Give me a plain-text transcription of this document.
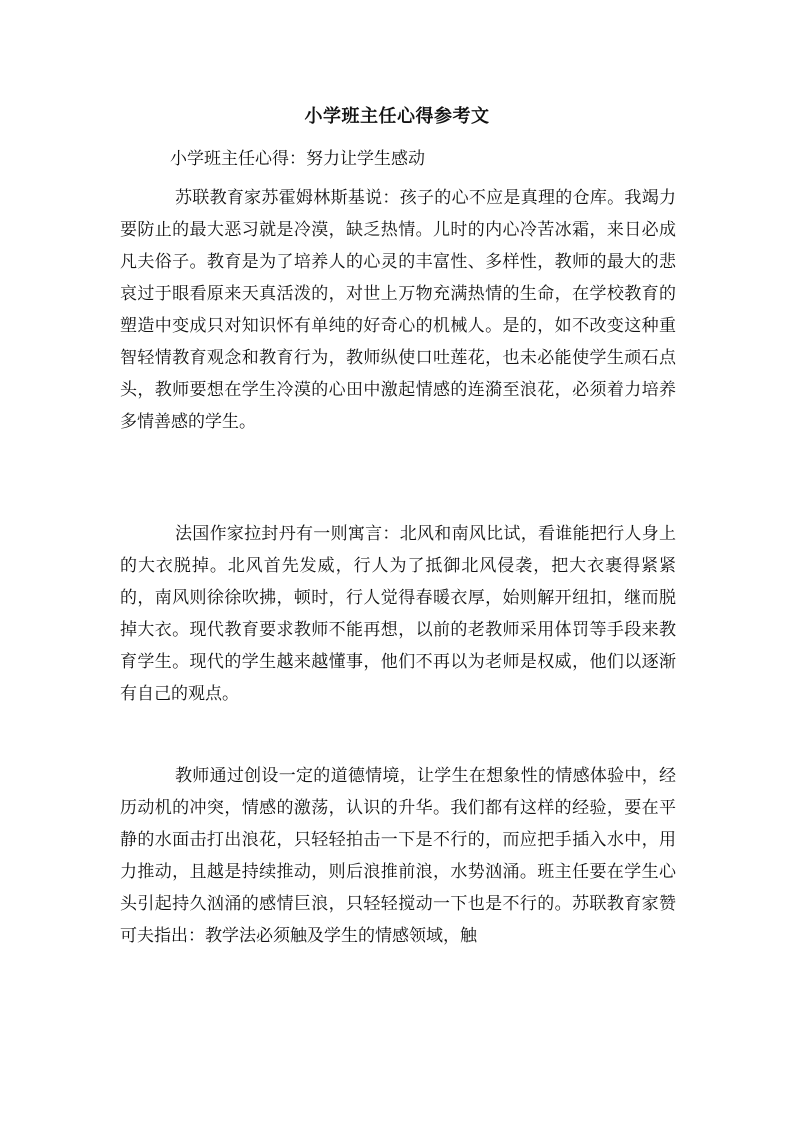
小学班主任心得参考文
小学班主任心得：努力让学生感动

苏联教育家苏霍姆林斯基说：孩子的心不应是真理的仓库。我竭力要防止的最大恶习就是冷漠，缺乏热情。儿时的内心冷苦冰霜，来日必成凡夫俗子。教育是为了培养人的心灵的丰富性、多样性，教师的最大的悲哀过于眼看原来天真活泼的，对世上万物充满热情的生命，在学校教育的塑造中变成只对知识怀有单纯的好奇心的机械人。是的，如不改变这种重智轻情教育观念和教育行为，教师纵使口吐莲花，也未必能使学生顽石点头，教师要想在学生冷漠的心田中激起情感的连漪至浪花，必须着力培养多情善感的学生。

法国作家拉封丹有一则寓言：北风和南风比试，看谁能把行人身上的大衣脱掉。北风首先发威，行人为了抵御北风侵袭，把大衣裹得紧紧的，南风则徐徐吹拂，顿时，行人觉得春暖衣厚，始则解开纽扣，继而脱掉大衣。现代教育要求教师不能再想，以前的老教师采用体罚等手段来教育学生。现代的学生越来越懂事，他们不再以为老师是权威，他们以逐渐有自己的观点。

教师通过创设一定的道德情境，让学生在想象性的情感体验中，经历动机的冲突，情感的激荡，认识的升华。我们都有这样的经验，要在平静的水面击打出浪花，只轻轻拍击一下是不行的，而应把手插入水中，用力推动，且越是持续推动，则后浪推前浪，水势汹涌。班主任要在学生心头引起持久汹涌的感情巨浪，只轻轻搅动一下也是不行的。苏联教育家赞可夫指出：教学法必须触及学生的情感领域，触
